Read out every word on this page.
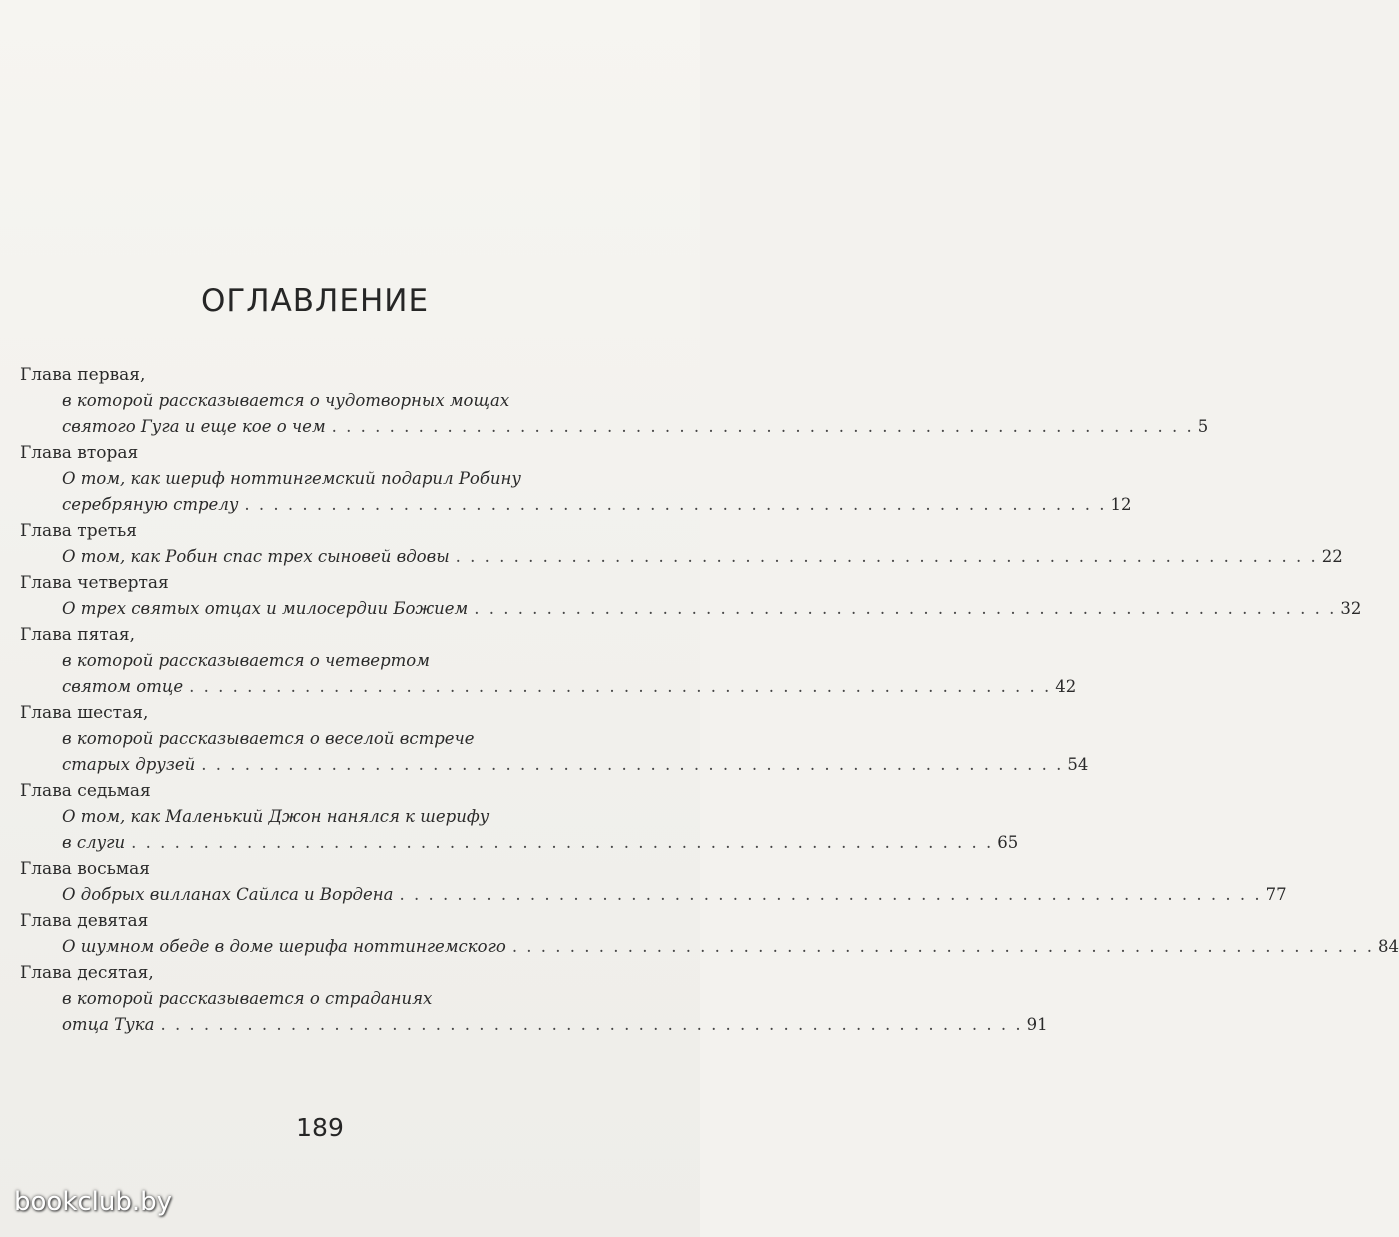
ОГЛАВЛЕНИЕ
Глава первая,
в которой рассказывается о чудотворных мощах
святого Гуга и еще кое о чем . . . . . . . . . . . . . . . . . . . . . . . . . . . . . . . . . . . . . . . . . . . . . . . . . . . . . . . . . . . . 5
Глава вторая
О том, как шериф ноттингемский подарил Робину
серебряную стрелу . . . . . . . . . . . . . . . . . . . . . . . . . . . . . . . . . . . . . . . . . . . . . . . . . . . . . . . . . . . . 12
Глава третья
О том, как Робин спас трех сыновей вдовы . . . . . . . . . . . . . . . . . . . . . . . . . . . . . . . . . . . . . . . . . . . . . . . . . . . . . . . . . . . . 22
Глава четвертая
О трех святых отцах и милосердии Божием . . . . . . . . . . . . . . . . . . . . . . . . . . . . . . . . . . . . . . . . . . . . . . . . . . . . . . . . . . . . 32
Глава пятая,
в которой рассказывается о четвертом
святом отце . . . . . . . . . . . . . . . . . . . . . . . . . . . . . . . . . . . . . . . . . . . . . . . . . . . . . . . . . . . . 42
Глава шестая,
в которой рассказывается о веселой встрече
старых друзей . . . . . . . . . . . . . . . . . . . . . . . . . . . . . . . . . . . . . . . . . . . . . . . . . . . . . . . . . . . . 54
Глава седьмая
О том, как Маленький Джон нанялся к шерифу
в слуги . . . . . . . . . . . . . . . . . . . . . . . . . . . . . . . . . . . . . . . . . . . . . . . . . . . . . . . . . . . . 65
Глава восьмая
О добрых вилланах Сайлса и Вордена . . . . . . . . . . . . . . . . . . . . . . . . . . . . . . . . . . . . . . . . . . . . . . . . . . . . . . . . . . . . 77
Глава девятая
О шумном обеде в доме шерифа ноттингемского . . . . . . . . . . . . . . . . . . . . . . . . . . . . . . . . . . . . . . . . . . . . . . . . . . . . . . . . . . . . 84
Глава десятая,
в которой рассказывается о страданиях
отца Тука . . . . . . . . . . . . . . . . . . . . . . . . . . . . . . . . . . . . . . . . . . . . . . . . . . . . . . . . . . . . 91
189
bookclub.by
